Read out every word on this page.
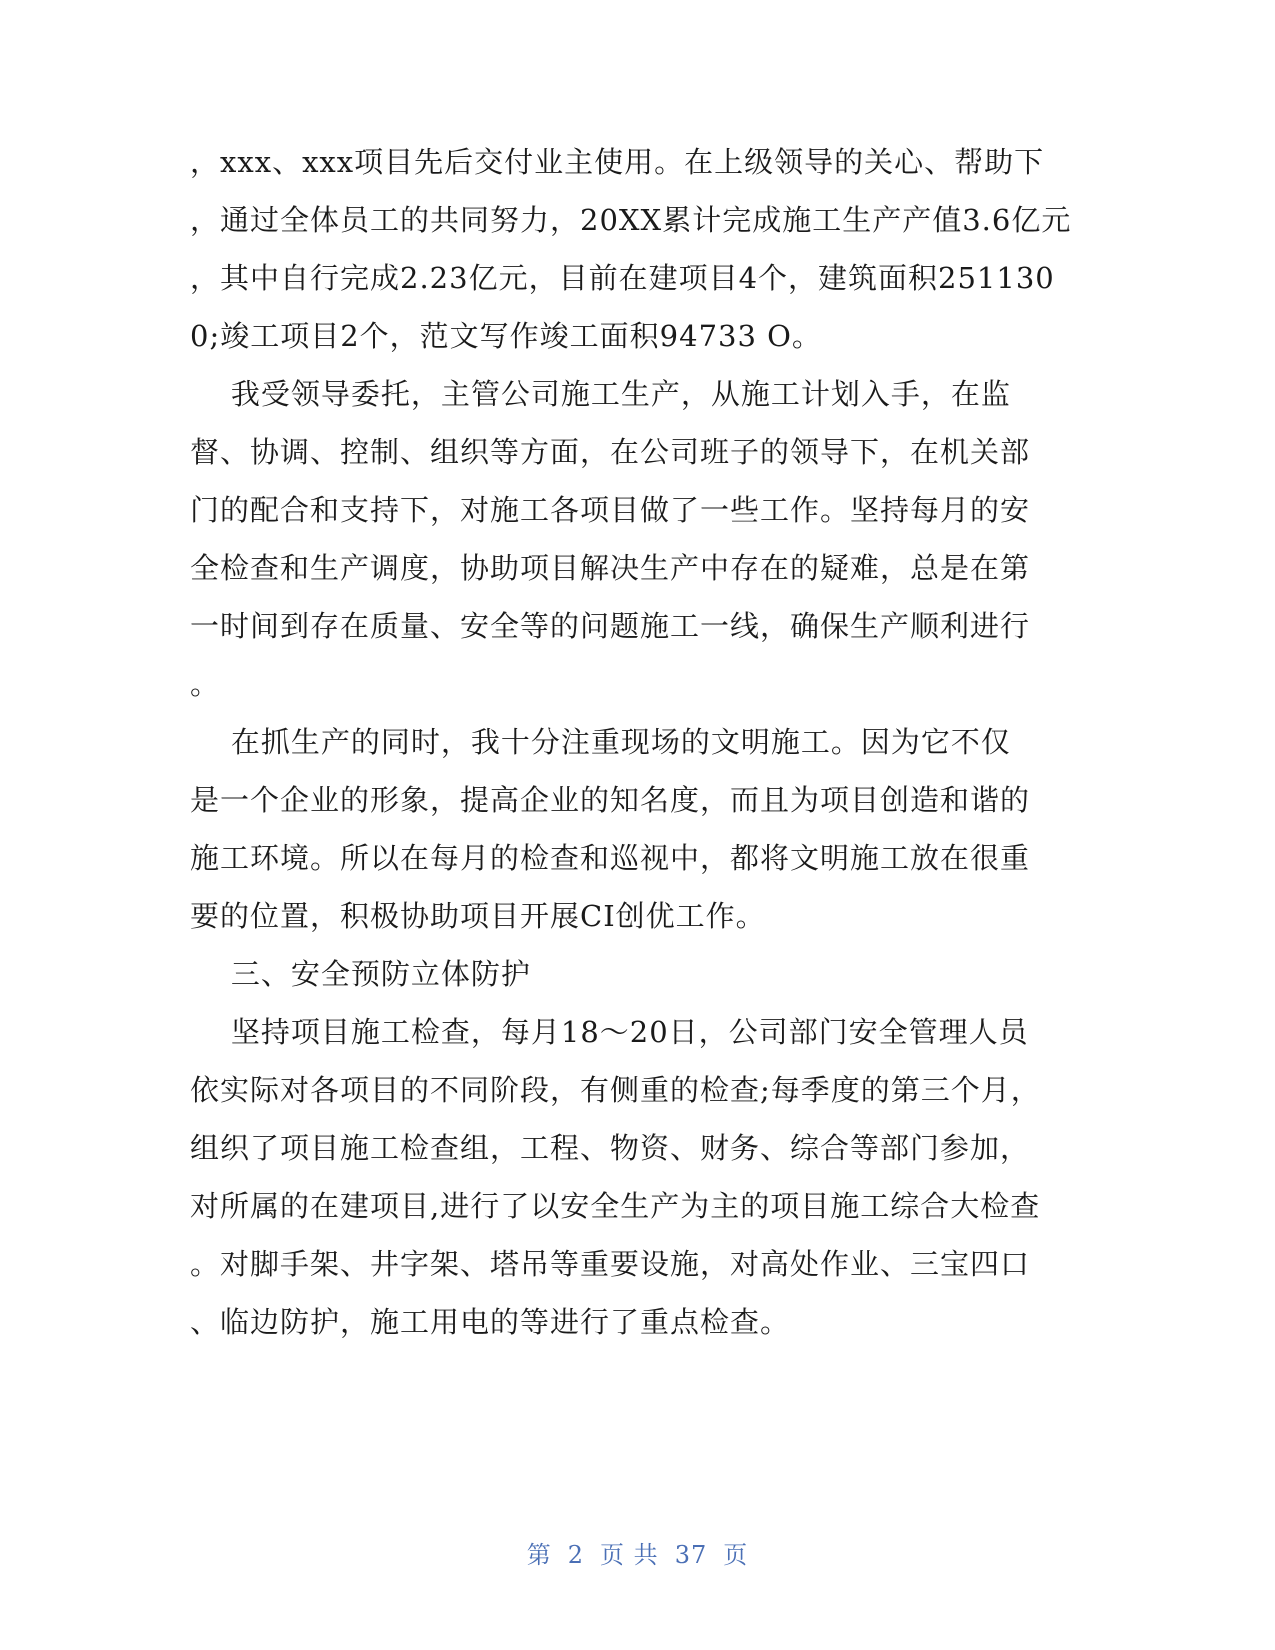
，xxx、xxx项目先后交付业主使用。在上级领导的关心、帮助下
，通过全体员工的共同努力，20XX累计完成施工生产产值3.6亿元
，其中自行完成2.23亿元，目前在建项目4个，建筑面积251130
0;竣工项目2个，范文写作竣工面积94733 O。
我受领导委托，主管公司施工生产，从施工计划入手，在监
督、协调、控制、组织等方面，在公司班子的领导下，在机关部
门的配合和支持下，对施工各项目做了一些工作。坚持每月的安
全检查和生产调度，协助项目解决生产中存在的疑难，总是在第
一时间到存在质量、安全等的问题施工一线，确保生产顺利进行
。
在抓生产的同时，我十分注重现场的文明施工。因为它不仅
是一个企业的形象，提高企业的知名度，而且为项目创造和谐的
施工环境。所以在每月的检查和巡视中，都将文明施工放在很重
要的位置，积极协助项目开展CI创优工作。
三、安全预防立体防护
坚持项目施工检查，每月18～20日，公司部门安全管理人员
依实际对各项目的不同阶段，有侧重的检查;每季度的第三个月，
组织了项目施工检查组，工程、物资、财务、综合等部门参加，
对所属的在建项目,进行了以安全生产为主的项目施工综合大检查
。对脚手架、井字架、塔吊等重要设施，对高处作业、三宝四口
、临边防护，施工用电的等进行了重点检查。
第 2 页 共 37 页
